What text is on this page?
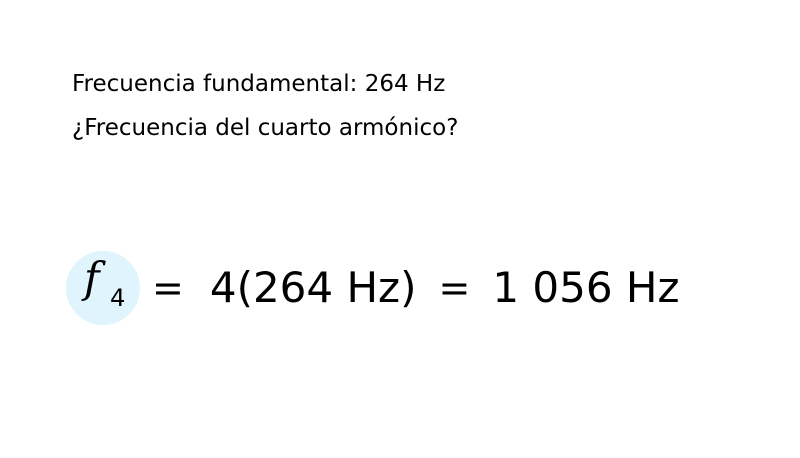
Frecuencia fundamental: 264 Hz
¿Frecuencia del cuarto armónico?
f 4 = 4(264 Hz) = 1 056 Hz
